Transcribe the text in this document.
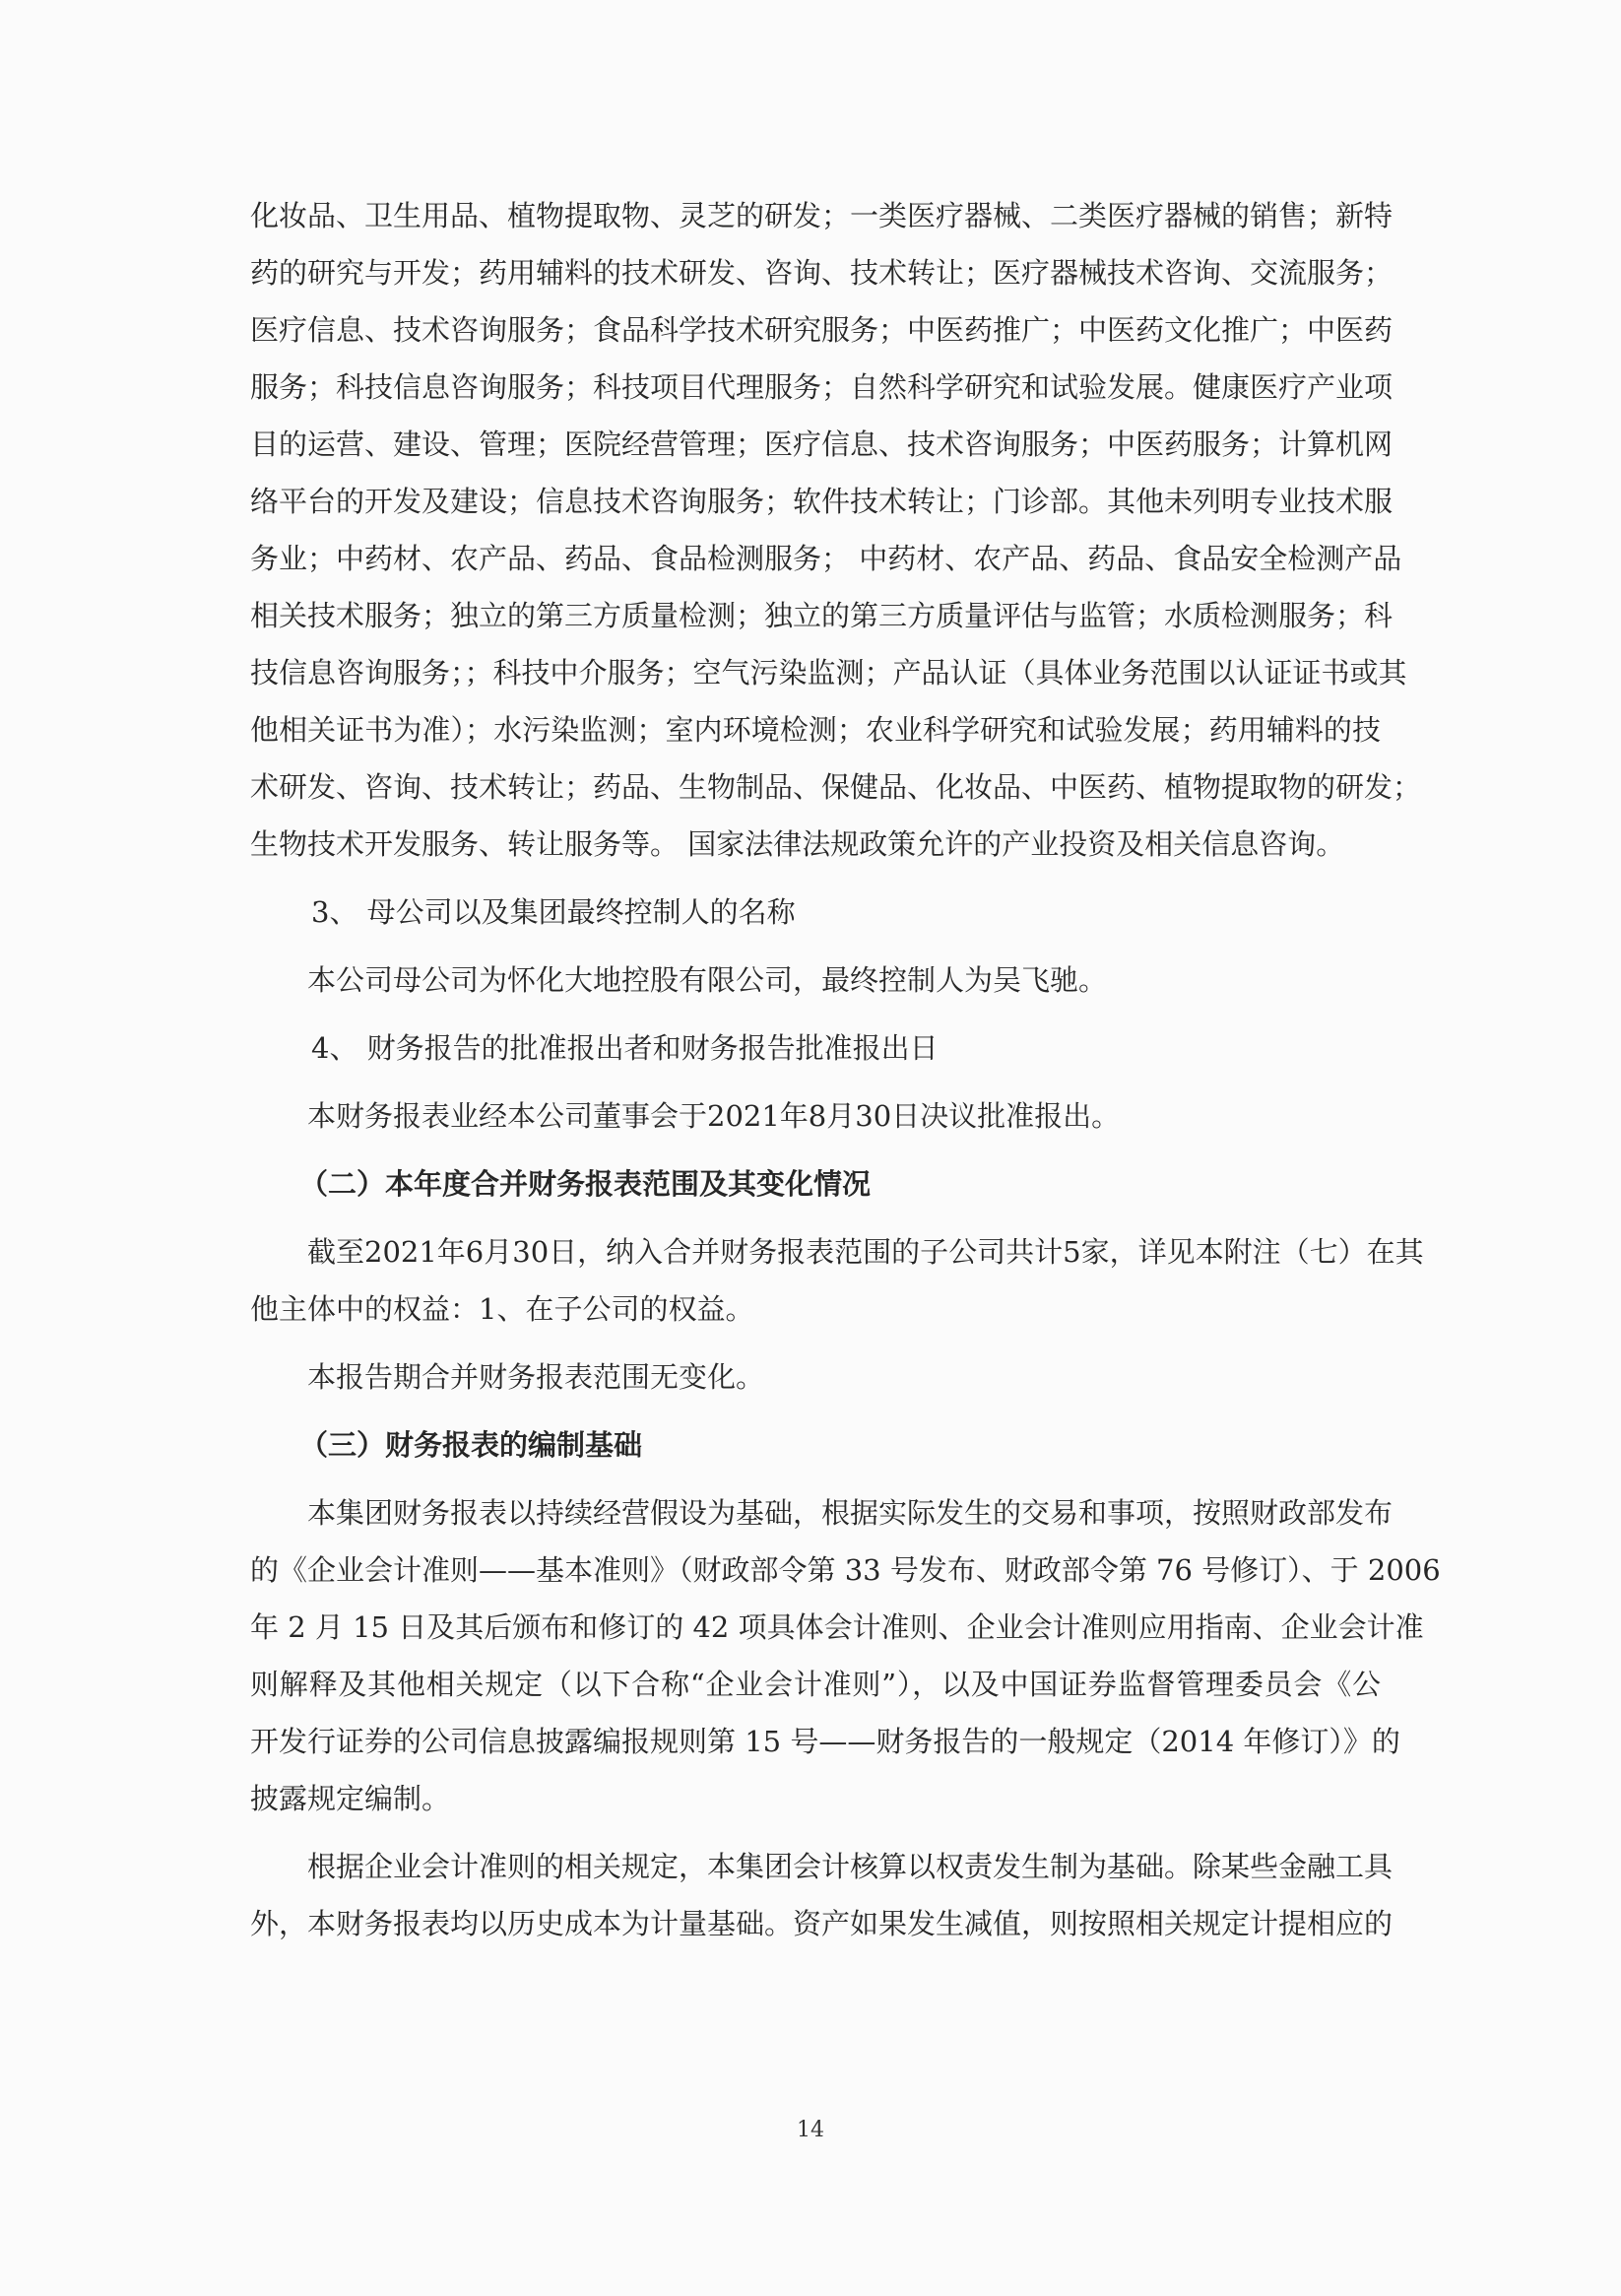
化妆品、卫生用品、植物提取物、灵芝的研发；一类医疗器械、二类医疗器械的销售；新特
药的研究与开发；药用辅料的技术研发、咨询、技术转让；医疗器械技术咨询、交流服务；
医疗信息、技术咨询服务；食品科学技术研究服务；中医药推广；中医药文化推广；中医药
服务；科技信息咨询服务；科技项目代理服务；自然科学研究和试验发展。健康医疗产业项
目的运营、建设、管理；医院经营管理；医疗信息、技术咨询服务；中医药服务；计算机网
络平台的开发及建设；信息技术咨询服务；软件技术转让；门诊部。其他未列明专业技术服
务业；中药材、农产品、药品、食品检测服务； 中药材、农产品、药品、食品安全检测产品
相关技术服务；独立的第三方质量检测；独立的第三方质量评估与监管；水质检测服务；科
技信息咨询服务；；科技中介服务；空气污染监测；产品认证（具体业务范围以认证证书或其
他相关证书为准）；水污染监测；室内环境检测；农业科学研究和试验发展；药用辅料的技
术研发、咨询、技术转让；药品、生物制品、保健品、化妆品、中医药、植物提取物的研发；
生物技术开发服务、转让服务等。 国家法律法规政策允许的产业投资及相关信息咨询。
3、 母公司以及集团最终控制人的名称
本公司母公司为怀化大地控股有限公司，最终控制人为吴飞驰。
4、 财务报告的批准报出者和财务报告批准报出日
本财务报表业经本公司董事会于2021年8月30日决议批准报出。
（二）本年度合并财务报表范围及其变化情况
截至2021年6月30日，纳入合并财务报表范围的子公司共计5家，详见本附注（七）在其
他主体中的权益：1、在子公司的权益。
本报告期合并财务报表范围无变化。
（三）财务报表的编制基础
本集团财务报表以持续经营假设为基础，根据实际发生的交易和事项，按照财政部发布
的《企业会计准则——基本准则》（财政部令第 33 号发布、财政部令第 76 号修订）、于 2006
年 2 月 15 日及其后颁布和修订的 42 项具体会计准则、企业会计准则应用指南、企业会计准
则解释及其他相关规定（以下合称“企业会计准则”），以及中国证券监督管理委员会《公
开发行证券的公司信息披露编报规则第 15 号——财务报告的一般规定（2014 年修订）》的
披露规定编制。
根据企业会计准则的相关规定，本集团会计核算以权责发生制为基础。除某些金融工具
外，本财务报表均以历史成本为计量基础。资产如果发生减值，则按照相关规定计提相应的
14
